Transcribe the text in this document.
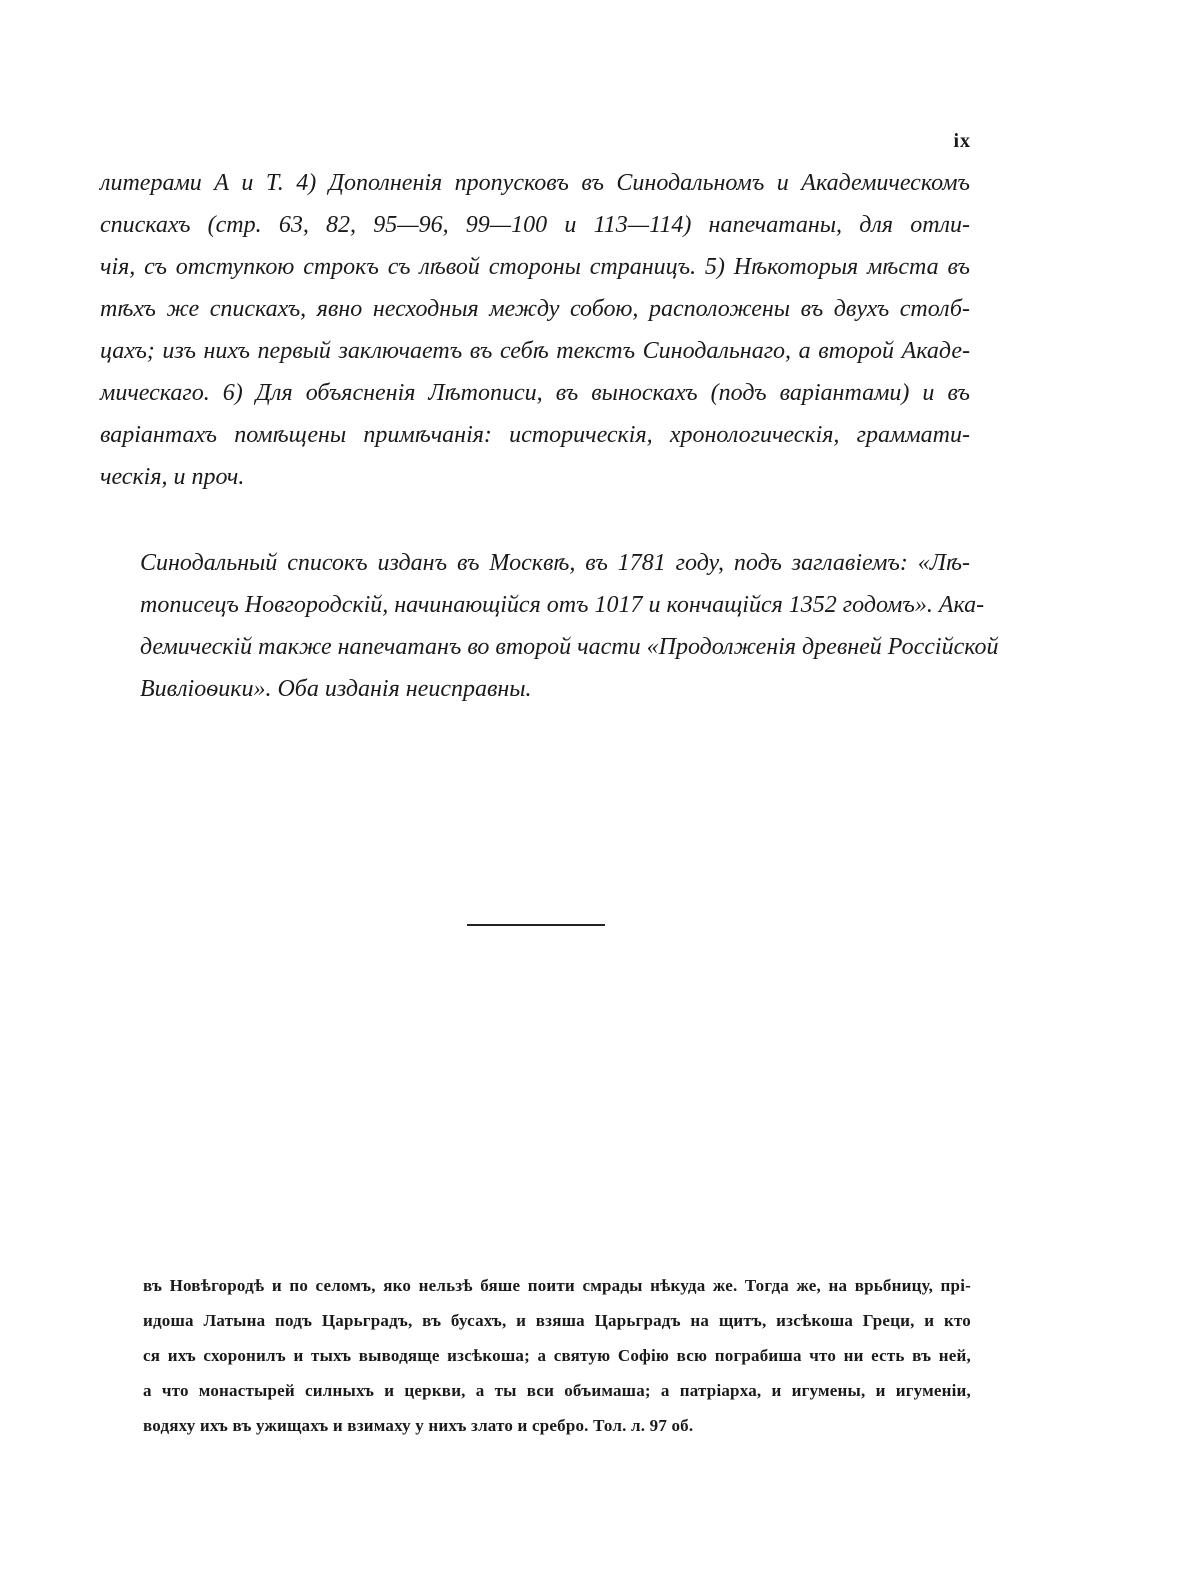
ix
литерами А и Т. 4) Дополненія пропусковъ въ Синодальномъ и Академическомъ
спискахъ (стр. 63, 82, 95—96, 99—100 и 113—114) напечатаны, для отли-
чія, съ отступкою строкъ съ лѣвой стороны страницъ. 5) Нѣкоторыя мѣста въ
тѣхъ же спискахъ, явно несходныя между собою, расположены въ двухъ столб-
цахъ; изъ нихъ первый заключаетъ въ себѣ текстъ Синодальнаго, а второй Акаде-
мическаго. 6) Для объясненія Лѣтописи, въ выноскахъ (подъ варіантами) и въ
варіантахъ помѣщены примѣчанія: историческія, хронологическія, граммати-
ческія, и проч.
Синодальный списокъ изданъ въ Москвѣ, въ 1781 году, подъ заглавіемъ: «Лѣ-
тописецъ Новгородскій, начинающійся отъ 1017 и кончащійся 1352 годомъ». Ака-
демическій также напечатанъ во второй части «Продолженія древней Россійской
Вивліоѳики». Оба изданія неисправны.
въ Новѣгородѣ и по селомъ, яко нельзѣ бяше поити смрады нѣкуда же. Тогда же, на врьбницу, прі-
идоша Латына подъ Царьградъ, въ бусахъ, и взяша Царьградъ на щитъ, изсѣкоша Греци, и кто
ся ихъ схоронилъ и тыхъ выводяще изсѣкоша; а святую Софію всю пограбиша что ни есть въ ней,
а что монастырей силныхъ и церкви, а ты вси объимаша; а патріарха, и игумены, и игуменіи,
водяху ихъ въ ужищахъ и взимаху у нихъ злато и сребро. Тол. л. 97 об.
